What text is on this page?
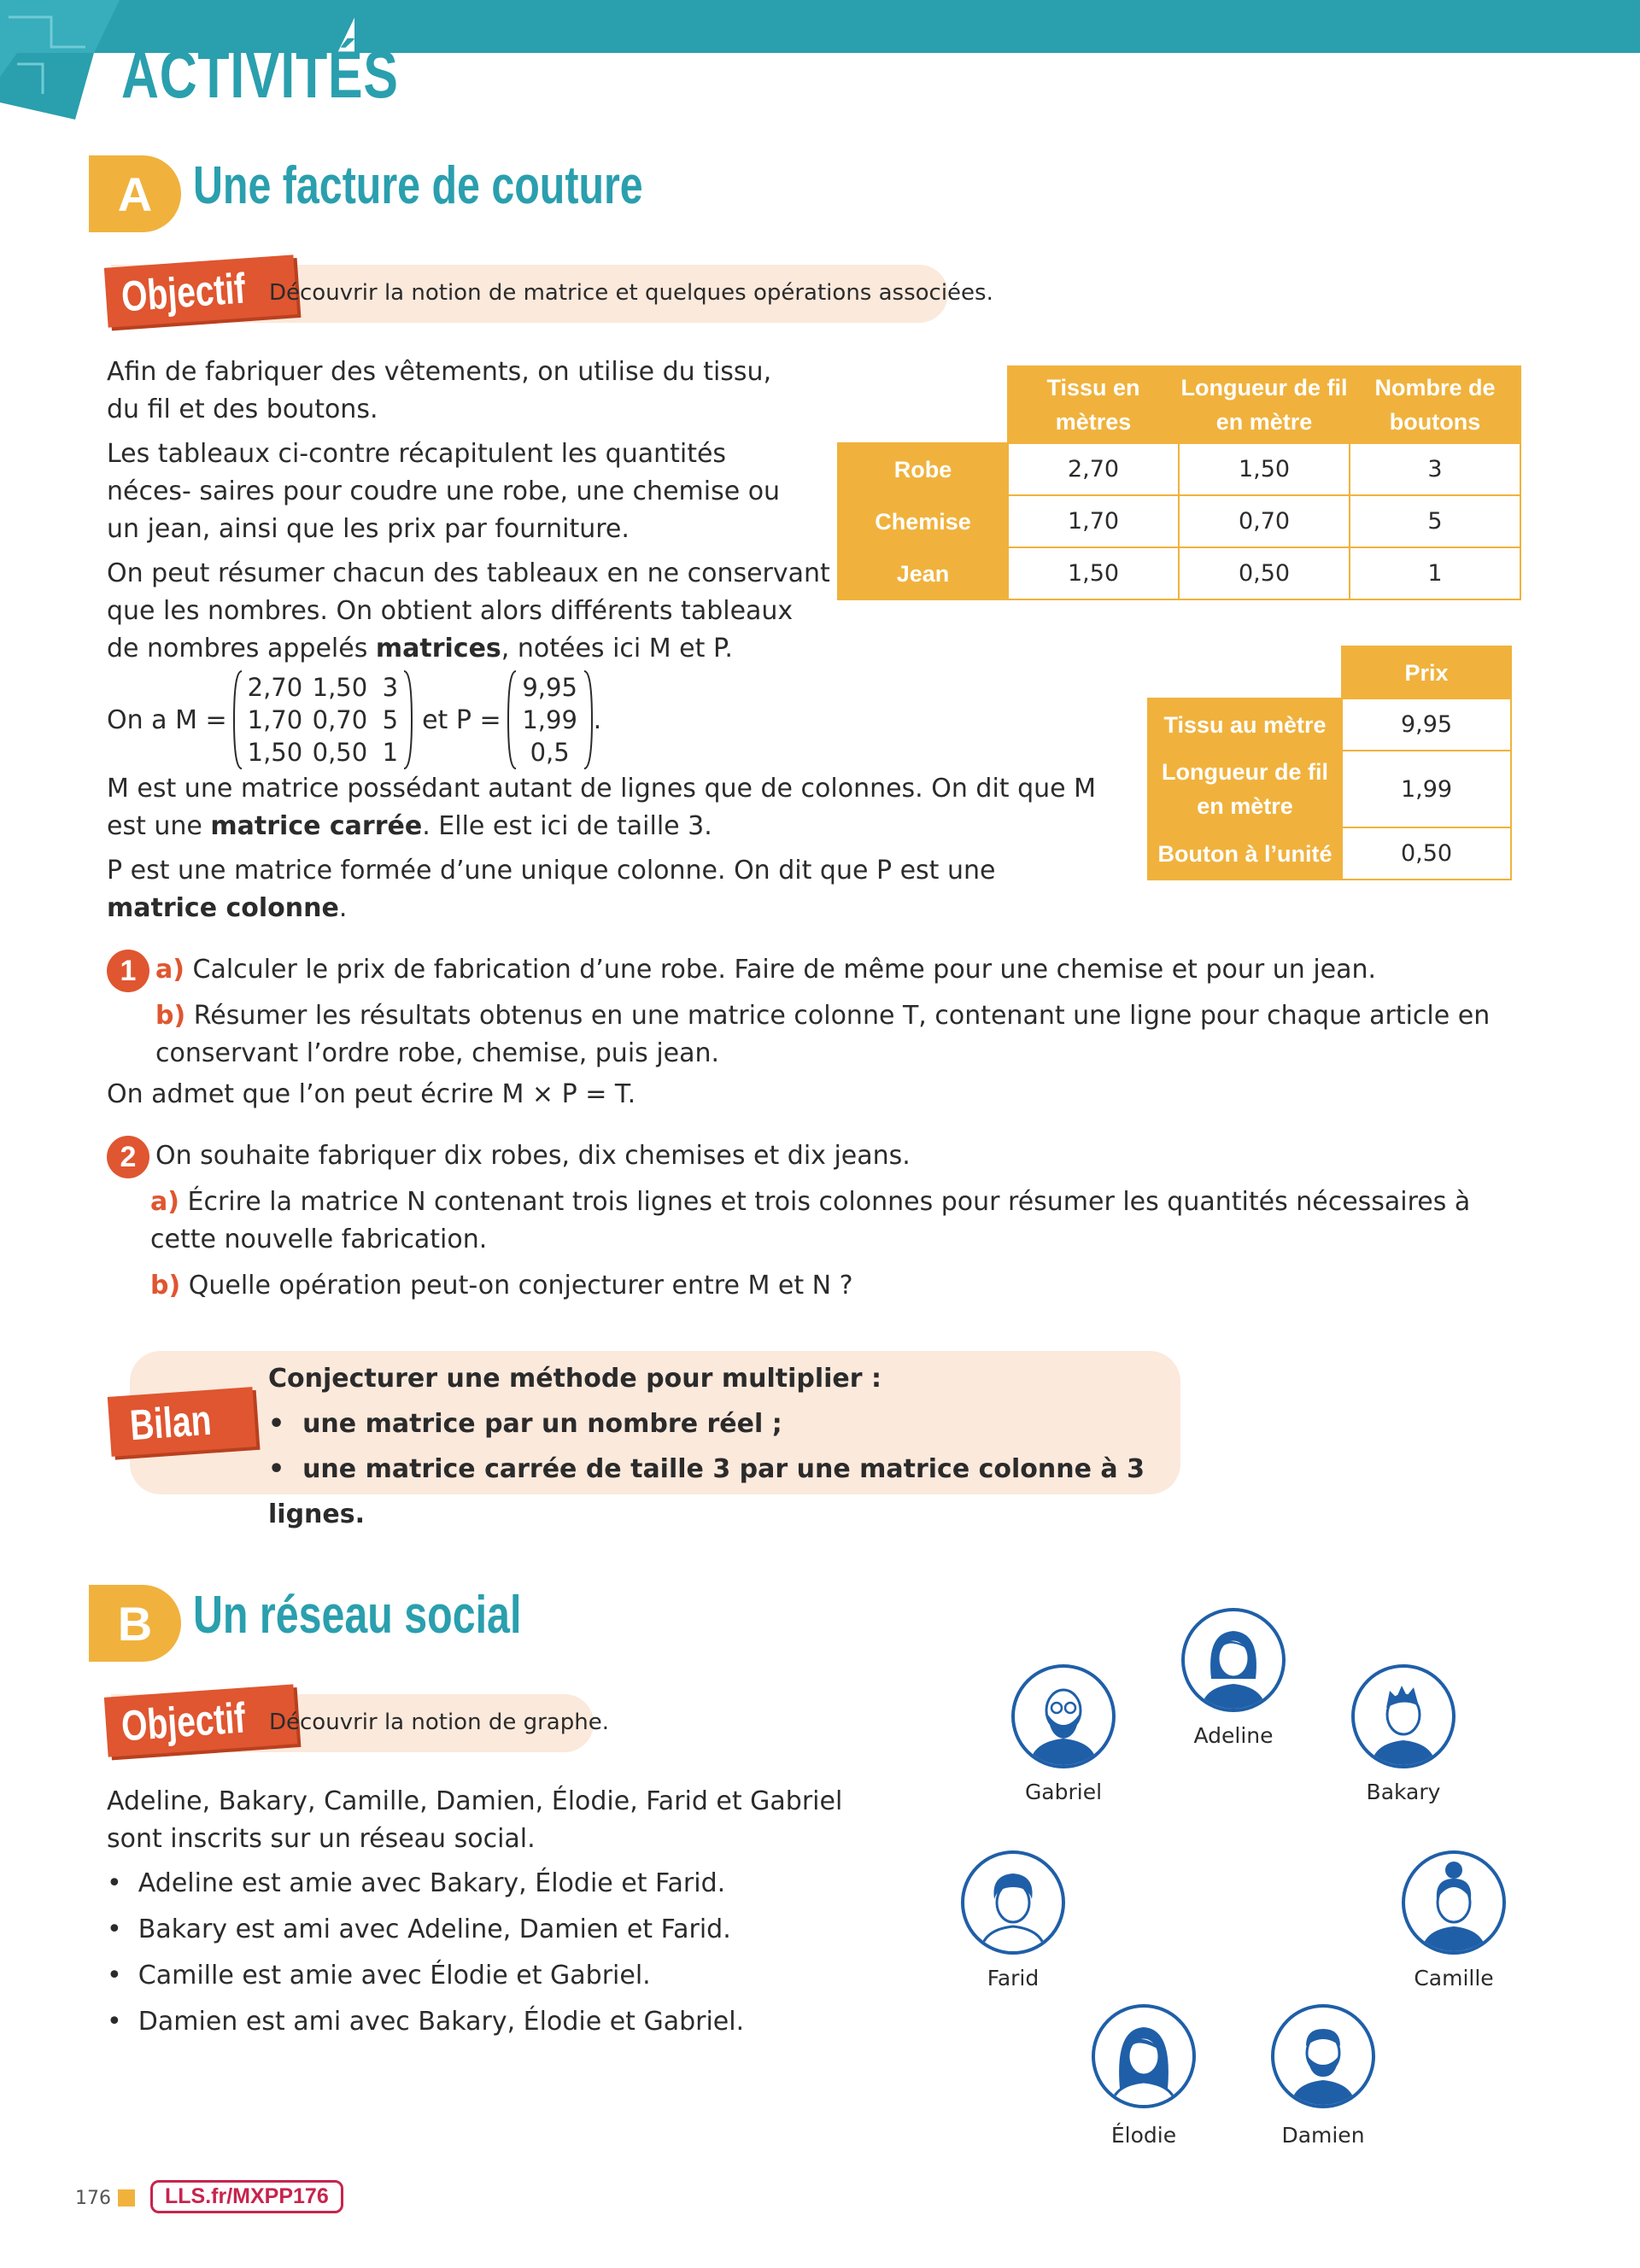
ACTIVITÉS
A Une facture de couture
Objectif Découvrir la notion de matrice et quelques opérations associées.
Afin de fabriquer des vêtements, on utilise du tissu, du fil et des boutons.
Les tableaux ci-contre récapitulent les quantités néces- saires pour coudre une robe, une chemise ou un jean, ainsi que les prix par fourniture.
On peut résumer chacun des tableaux en ne conservant que les nombres. On obtient alors différents tableaux de nombres appelés matrices, notées ici M et P.
On a M =
2,70 1,50 3
1,70 0,70 5
1,50 0,50 1
et P =
9,95
1,99
0,5
.
M est une matrice possédant autant de lignes que de colonnes. On dit que M est une matrice carrée. Elle est ici de taille 3.
P est une matrice formée d’une unique colonne. On dit que P est une matrice colonne.
	Tissu en mètres	Longueur de fil en mètre	Nombre de boutons
Robe	2,70	1,50	3
Chemise	1,70	0,70	5
Jean	1,50	0,50	1
	Prix
Tissu au mètre	9,95
Longueur de fil en mètre	1,99
Bouton à l’unité	0,50
1 a) Calculer le prix de fabrication d’une robe. Faire de même pour une chemise et pour un jean.
b) Résumer les résultats obtenus en une matrice colonne T, contenant une ligne pour chaque article en conservant l’ordre robe, chemise, puis jean.
On admet que l’on peut écrire M × P = T.
2 On souhaite fabriquer dix robes, dix chemises et dix jeans.
a) Écrire la matrice N contenant trois lignes et trois colonnes pour résumer les quantités nécessaires à cette nouvelle fabrication.
b) Quelle opération peut-on conjecturer entre M et N ?
Bilan
Conjecturer une méthode pour multiplier :
•  une matrice par un nombre réel ;
•  une matrice carrée de taille 3 par une matrice colonne à 3 lignes.
B Un réseau social
Objectif Découvrir la notion de graphe.
Adeline, Bakary, Camille, Damien, Élodie, Farid et Gabriel sont inscrits sur un réseau social.
•  Adeline est amie avec Bakary, Élodie et Farid.
•  Bakary est ami avec Adeline, Damien et Farid.
•  Camille est amie avec Élodie et Gabriel.
•  Damien est ami avec Bakary, Élodie et Gabriel.
Gabriel
Adeline
Bakary
Farid	Camille
Élodie	Damien
176	LLS.fr/MXPP176
